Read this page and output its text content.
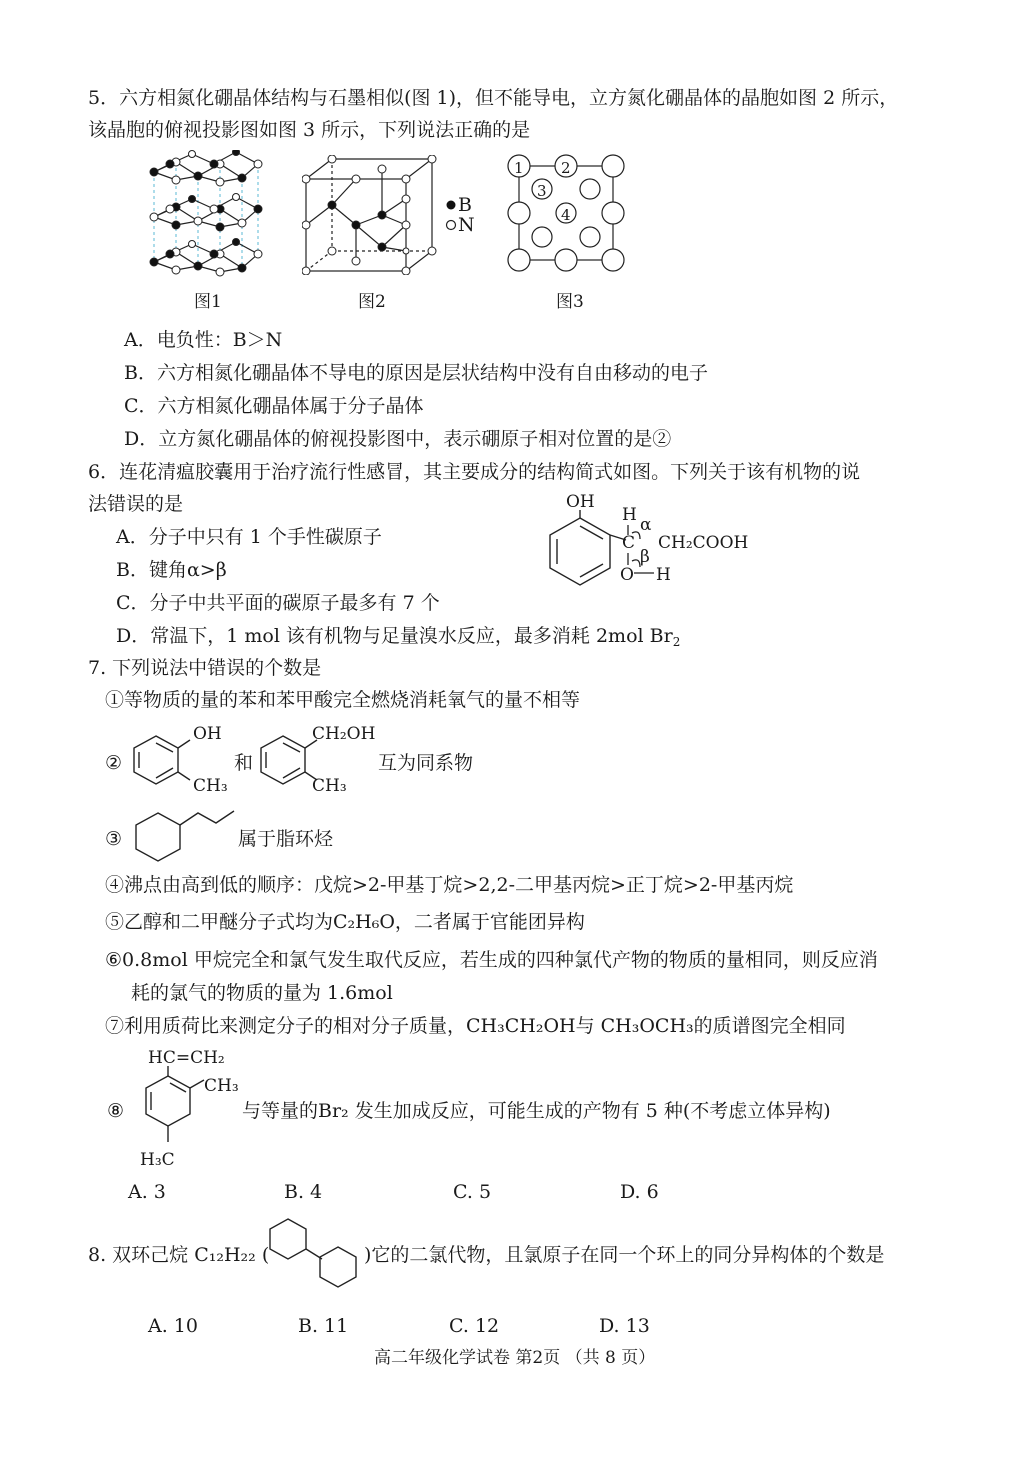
5．六方相氮化硼晶体结构与石墨相似(图 1)，但不能导电，立方氮化硼晶体的晶胞如图 2 所示，
该晶胞的俯视投影图如图 3 所示，下列说法正确的是
图1
B
N
图2
1 2
3
4
图3
A．电负性：B＞N
B．六方相氮化硼晶体不导电的原因是层状结构中没有自由移动的电子
C．六方相氮化硼晶体属于分子晶体
D．立方氮化硼晶体的俯视投影图中，表示硼原子相对位置的是②
6．连花清瘟胶囊用于治疗流行性感冒，其主要成分的结构简式如图。下列关于该有机物的说
法错误的是	OH
H α
C CH₂COOH
β
O H
A．分子中只有 1 个手性碳原子
B．键角α>β
C．分子中共平面的碳原子最多有 7 个
D．常温下，1 mol 该有机物与足量溴水反应，最多消耗 2mol $Br_2$
7. 下列说法中错误的个数是
①等物质的量的苯和苯甲酸完全燃烧消耗氧气的量不相等
②
OH
CH₃
和
CH₂OH
CH₃
互为同系物
③	属于脂环烃
④沸点由高到低的顺序：戊烷>2-甲基丁烷>2,2-二甲基丙烷>正丁烷>2-甲基丙烷
⑤乙醇和二甲醚分子式均为C₂H₆O，二者属于官能团异构
⑥0.8mol 甲烷完全和氯气发生取代反应，若生成的四种氯代产物的物质的量相同，则反应消
耗的氯气的物质的量为 1.6mol
⑦利用质荷比来测定分子的相对分子质量，CH₃CH₂OH与 CH₃OCH₃的质谱图完全相同
HC=CH₂
⑧
CH₃
H₃C
与等量的Br₂ 发生加成反应，可能生成的产物有 5 种(不考虑立体异构)
A. 3	B. 4	C. 5	D. 6
8. 双环己烷 C₁₂H₂₂ (	)它的二氯代物，且氯原子在同一个环上的同分异构体的个数是
A. 10	B. 11	C. 12	D. 13
高二年级化学试卷 第2页 （共 8 页）
